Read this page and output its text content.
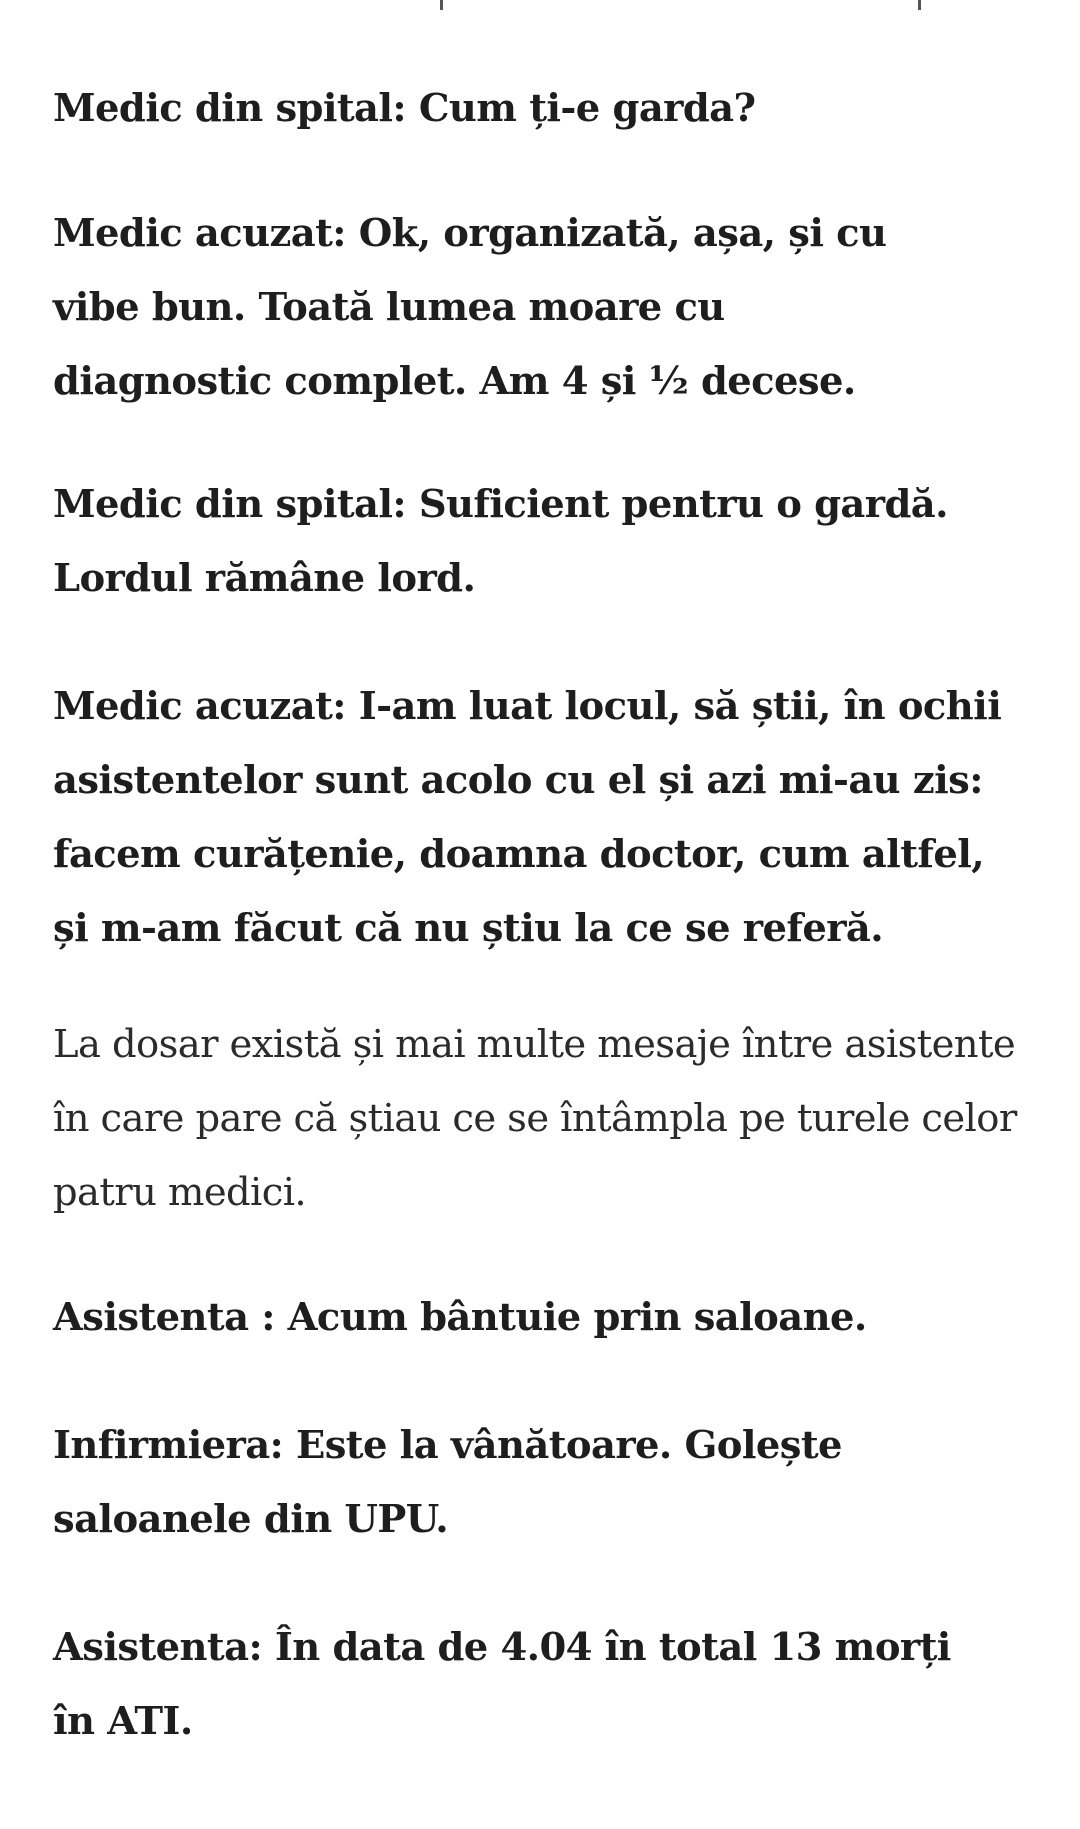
Medic din spital: Cum ți-e garda?

Medic acuzat: Ok, organizată, așa, și cu vibe bun. Toată lumea moare cu diagnostic complet. Am 4 și ½ decese.

Medic din spital: Suficient pentru o gardă. Lordul rămâne lord.

Medic acuzat: I-am luat locul, să știi, în ochii asistentelor sunt acolo cu el și azi mi-au zis: facem curățenie, doamna doctor, cum altfel, și m-am făcut că nu știu la ce se referă.

La dosar există și mai multe mesaje între asistente în care pare că știau ce se întâmpla pe turele celor patru medici.

Asistenta : Acum bântuie prin saloane.

Infirmiera: Este la vânătoare. Golește saloanele din UPU.

Asistenta: În data de 4.04 în total 13 morți în ATI.
